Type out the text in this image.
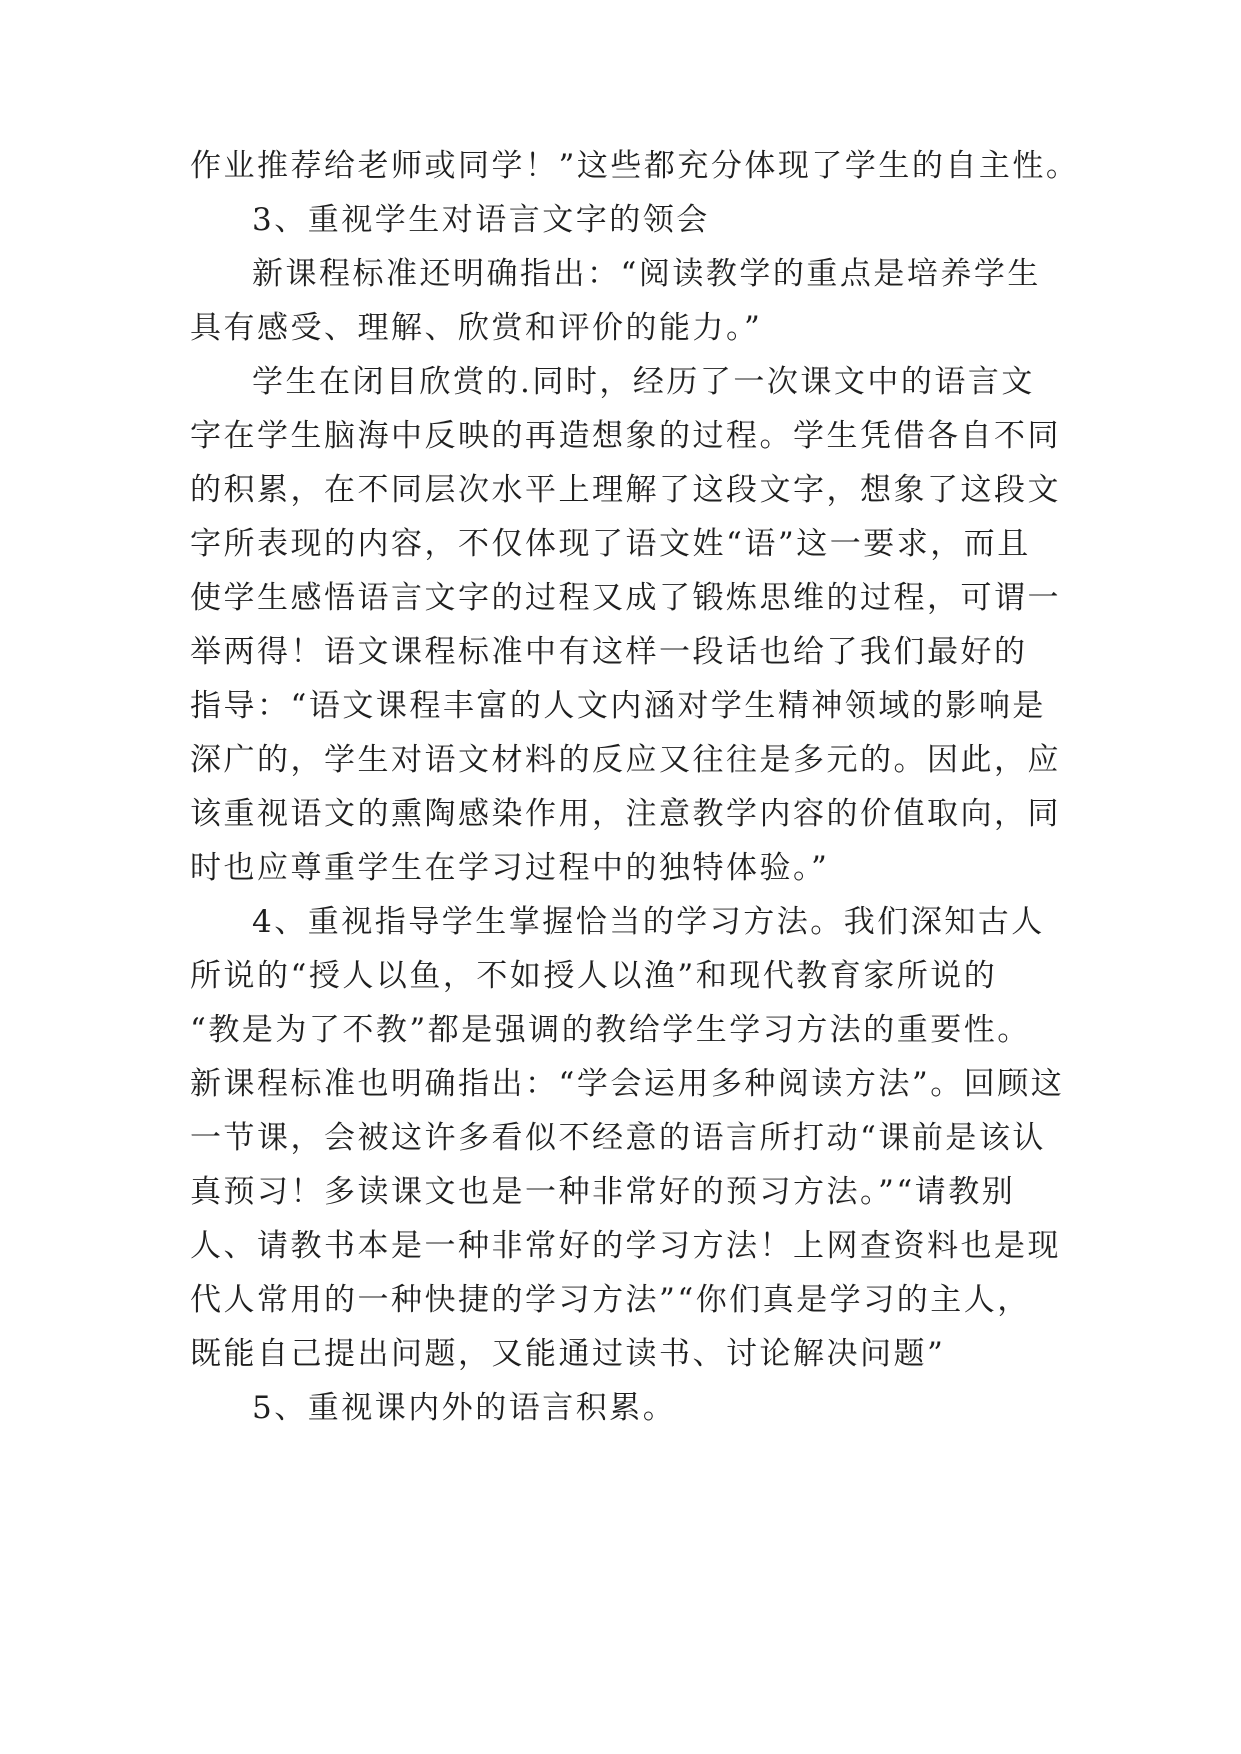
作业推荐给老师或同学！”这些都充分体现了学生的自主性。

3、重视学生对语言文字的领会

新课程标准还明确指出：“阅读教学的重点是培养学生

具有感受、理解、欣赏和评价的能力。”

学生在闭目欣赏的.同时，经历了一次课文中的语言文

字在学生脑海中反映的再造想象的过程。学生凭借各自不同

的积累，在不同层次水平上理解了这段文字，想象了这段文

字所表现的内容，不仅体现了语文姓“语”这一要求，而且

使学生感悟语言文字的过程又成了锻炼思维的过程，可谓一

举两得！语文课程标准中有这样一段话也给了我们最好的

指导：“语文课程丰富的人文内涵对学生精神领域的影响是

深广的，学生对语文材料的反应又往往是多元的。因此，应

该重视语文的熏陶感染作用，注意教学内容的价值取向，同

时也应尊重学生在学习过程中的独特体验。”

4、重视指导学生掌握恰当的学习方法。我们深知古人

所说的“授人以鱼，不如授人以渔”和现代教育家所说的

“教是为了不教”都是强调的教给学生学习方法的重要性。

新课程标准也明确指出：“学会运用多种阅读方法”。回顾这

一节课，会被这许多看似不经意的语言所打动“课前是该认

真预习！多读课文也是一种非常好的预习方法。”“请教别

人、请教书本是一种非常好的学习方法！上网查资料也是现

代人常用的一种快捷的学习方法”“你们真是学习的主人，

既能自己提出问题，又能通过读书、讨论解决问题”

5、重视课内外的语言积累。
